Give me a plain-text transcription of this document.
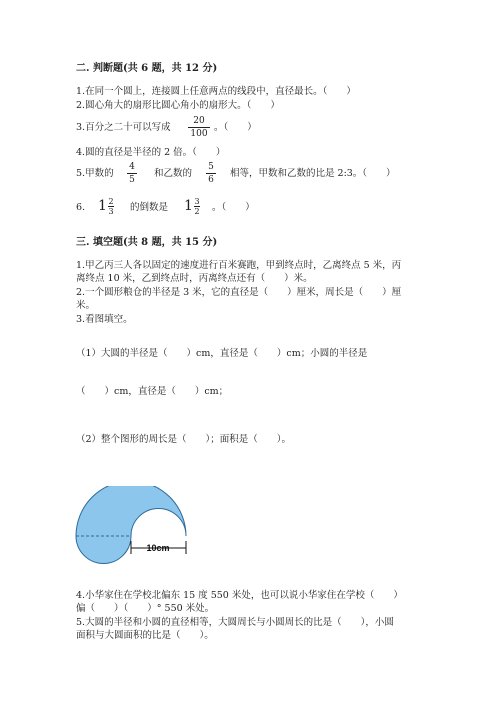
二. 判断题(共 6 题，共 12 分)
1.在同一个圆上，连接圆上任意两点的线段中，直径最长。（　　）
2.圆心角大的扇形比圆心角小的扇形大。（　　）
3.百分之二十可以写成
20
100
。（　　）
4.圆的直径是半径的 2 倍。（　　）
5.甲数的
4
5
和乙数的
5
6
相等，甲数和乙数的比是 2:3。（　　）
6. 1 2
3 的倒数是 1 3
2 。（　　）
三. 填空题(共 8 题，共 15 分)
1.甲乙丙三人各以固定的速度进行百米赛跑，甲到终点时，乙离终点 5 米，丙
离终点 10 米，乙到终点时，丙离终点还有（　　）米。
2.一个圆形粮仓的半径是 3 米，它的直径是（　　）厘米，周长是（　　）厘
米。
3.看图填空。
（1）大圆的半径是（　　）cm，直径是（　　）cm；小圆的半径是
（　　）cm，直径是（　　）cm；
（2）整个图形的周长是（　　）；面积是（　　）。
10cm
4.小华家住在学校北偏东 15 度 550 米处，也可以说小华家住在学校（　　）
偏（　　）（　　）° 550 米处。
5.大圆的半径和小圆的直径相等，大圆周长与小圆周长的比是（　　），小圆
面积与大圆面积的比是（　　）。
